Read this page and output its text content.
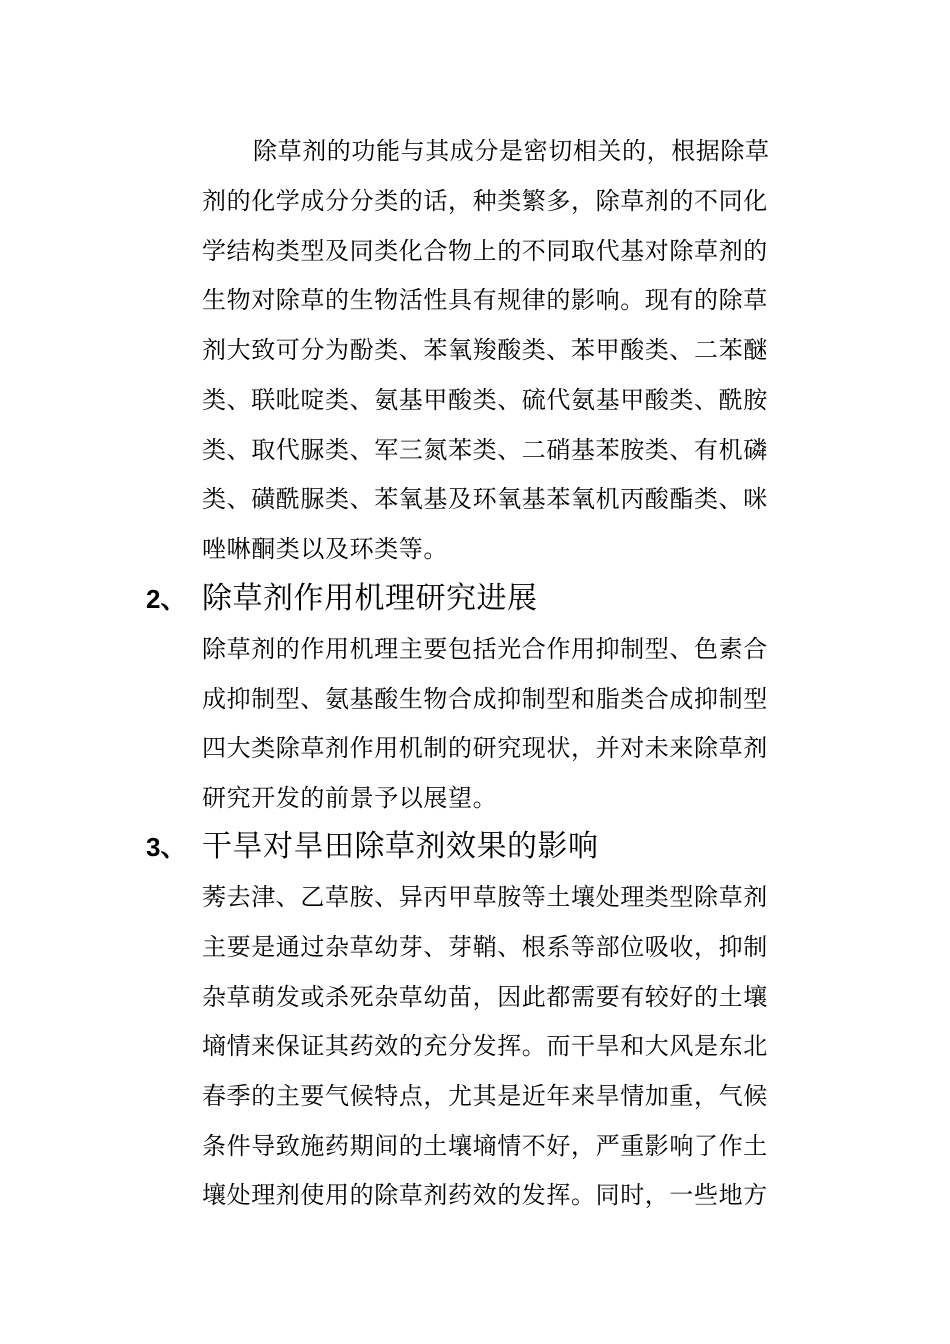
除草剂的功能与其成分是密切相关的，根据除草
剂的化学成分分类的话，种类繁多，除草剂的不同化
学结构类型及同类化合物上的不同取代基对除草剂的
生物对除草的生物活性具有规律的影响。现有的除草
剂大致可分为酚类、苯氧羧酸类、苯甲酸类、二苯醚
类、联吡啶类、氨基甲酸类、硫代氨基甲酸类、酰胺
类、取代脲类、军三氮苯类、二硝基苯胺类、有机磷
类、磺酰脲类、苯氧基及环氧基苯氧机丙酸酯类、咪
唑啉酮类以及环类等。
2、 除草剂作用机理研究进展
除草剂的作用机理主要包括光合作用抑制型、色素合
成抑制型、氨基酸生物合成抑制型和脂类合成抑制型
四大类除草剂作用机制的研究现状，并对未来除草剂
研究开发的前景予以展望。
3、 干旱对旱田除草剂效果的影响
莠去津、乙草胺、异丙甲草胺等土壤处理类型除草剂
主要是通过杂草幼芽、芽鞘、根系等部位吸收，抑制
杂草萌发或杀死杂草幼苗，因此都需要有较好的土壤
墒情来保证其药效的充分发挥。而干旱和大风是东北
春季的主要气候特点，尤其是近年来旱情加重，气候
条件导致施药期间的土壤墒情不好，严重影响了作土
壤处理剂使用的除草剂药效的发挥。同时，一些地方
